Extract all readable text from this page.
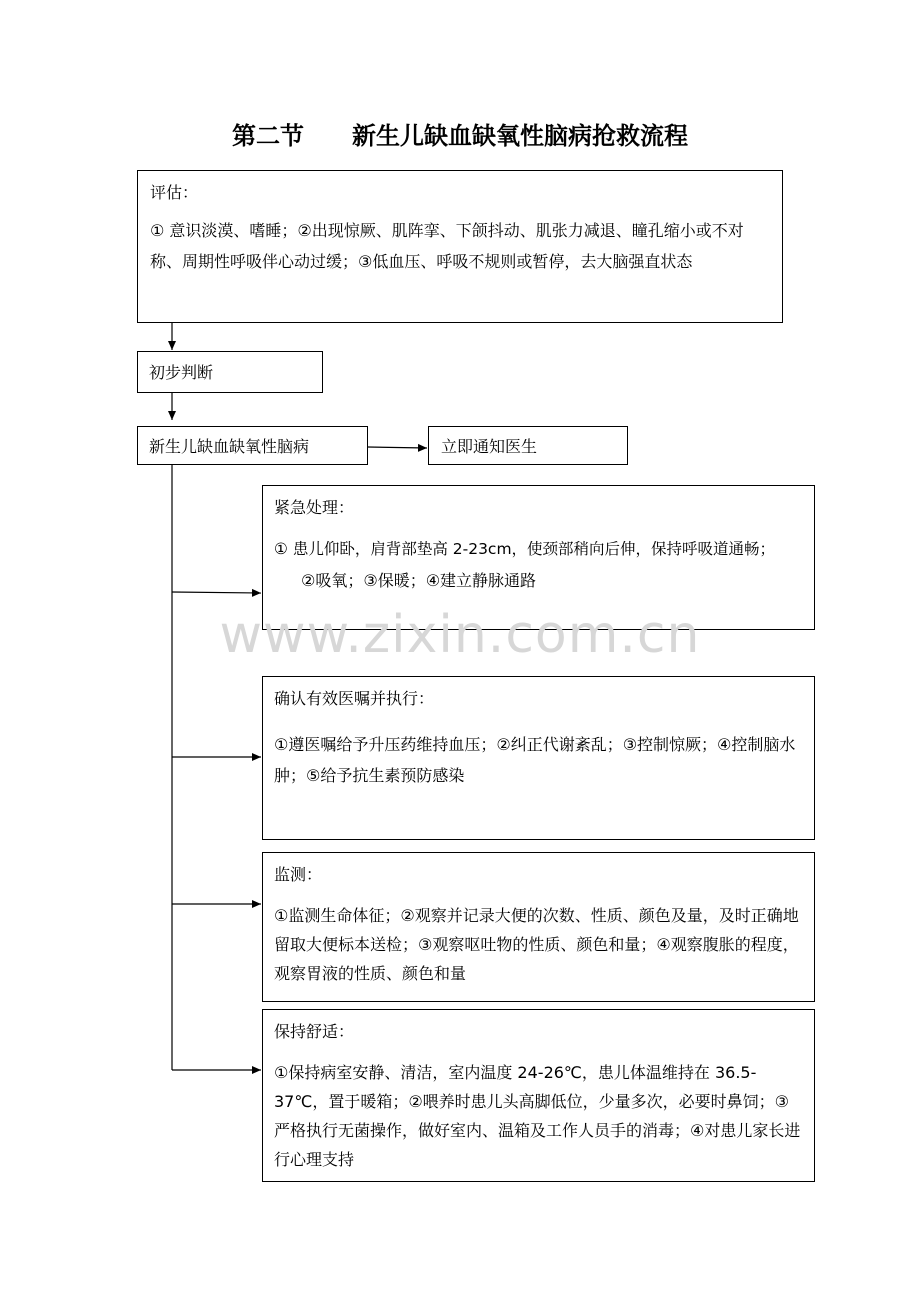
第二节 新生儿缺血缺氧性脑病抢救流程
评估：
① 意识淡漠、嗜睡；②出现惊厥、肌阵挛、下颌抖动、肌张力减退、瞳孔缩小或不对称、周期性呼吸伴心动过缓；③低血压、呼吸不规则或暂停，去大脑强直状态
初步判断
新生儿缺血缺氧性脑病	立即通知医生
紧急处理：
① 患儿仰卧，肩背部垫高 2-23cm，使颈部稍向后伸，保持呼吸道通畅；
②吸氧；③保暖；④建立静脉通路
www.zixin.com.cn
确认有效医嘱并执行：
①遵医嘱给予升压药维持血压；②纠正代谢紊乱；③控制惊厥；④控制脑水肿；⑤给予抗生素预防感染
监测：
①监测生命体征；②观察并记录大便的次数、性质、颜色及量，及时正确地留取大便标本送检；③观察呕吐物的性质、颜色和量；④观察腹胀的程度，观察胃液的性质、颜色和量
保持舒适：
①保持病室安静、清洁，室内温度 24-26℃，患儿体温维持在 36.5-37℃，置于暖箱；②喂养时患儿头高脚低位，少量多次，必要时鼻饲；③严格执行无菌操作，做好室内、温箱及工作人员手的消毒；④对患儿家长进行心理支持
